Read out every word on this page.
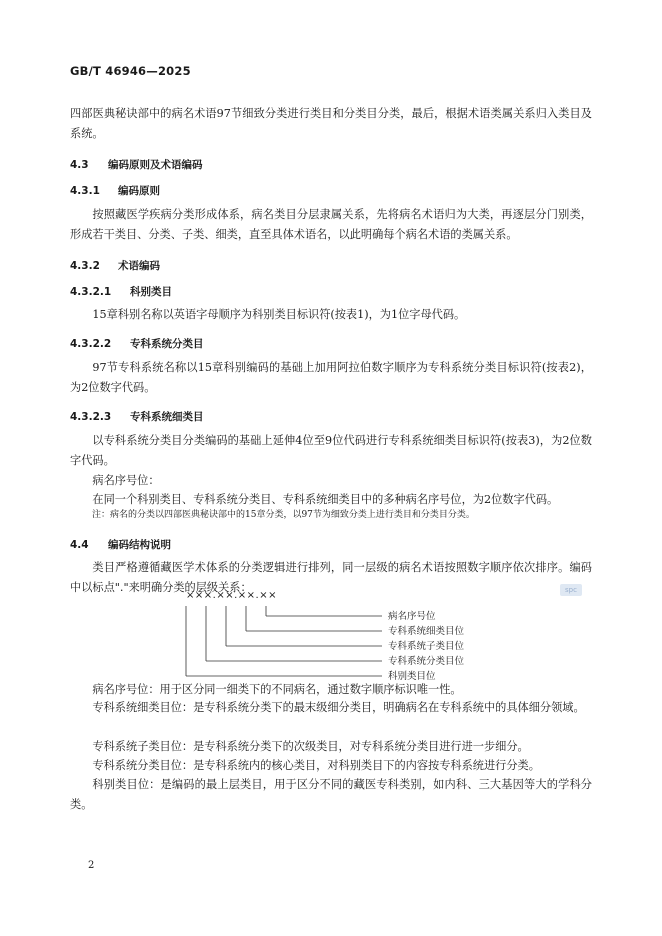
GB/T 46946—2025
四部医典秘诀部中的病名术语97节细致分类进行类目和分类目分类，最后，根据术语类属关系归入类目及系统。
4.3 编码原则及术语编码
4.3.1 编码原则
按照藏医学疾病分类形成体系，病名类目分层隶属关系，先将病名术语归为大类，再逐层分门别类，形成若干类目、分类、子类、细类，直至具体术语名，以此明确每个病名术语的类属关系。
4.3.2 术语编码
4.3.2.1 科别类目
15章科别名称以英语字母顺序为科别类目标识符(按表1)，为1位字母代码。
4.3.2.2 专科系统分类目
97节专科系统名称以15章科别编码的基础上加用阿拉伯数字顺序为专科系统分类目标识符(按表2)，为2位数字代码。
4.3.2.3 专科系统细类目
以专科系统分类目分类编码的基础上延伸4位至9位代码进行专科系统细类目标识符(按表3)，为2位数字代码。
病名序号位：
在同一个科别类目、专科系统分类目、专科系统细类目中的多种病名序号位，为2位数字代码。
注：病名的分类以四部医典秘诀部中的15章分类，以97节为细致分类上进行类目和分类目分类。
4.4 编码结构说明
类目严格遵循藏医学术体系的分类逻辑进行排列，同一层级的病名术语按照数字顺序依次排序。编码中以标点"."来明确分类的层级关系：	spc
×××.××.××.××
病名序号位
专科系统细类目位
专科系统子类目位
专科系统分类目位
科别类目位
病名序号位：用于区分同一细类下的不同病名，通过数字顺序标识唯一性。
专科系统细类目位：是专科系统分类下的最末级细分类目，明确病名在专科系统中的具体细分领域。
专科系统子类目位：是专科系统分类下的次级类目，对专科系统分类目进行进一步细分。
专科系统分类目位：是专科系统内的核心类目，对科别类目下的内容按专科系统进行分类。
科别类目位：是编码的最上层类目，用于区分不同的藏医专科类别，如内科、三大基因等大的学科分类。
2
